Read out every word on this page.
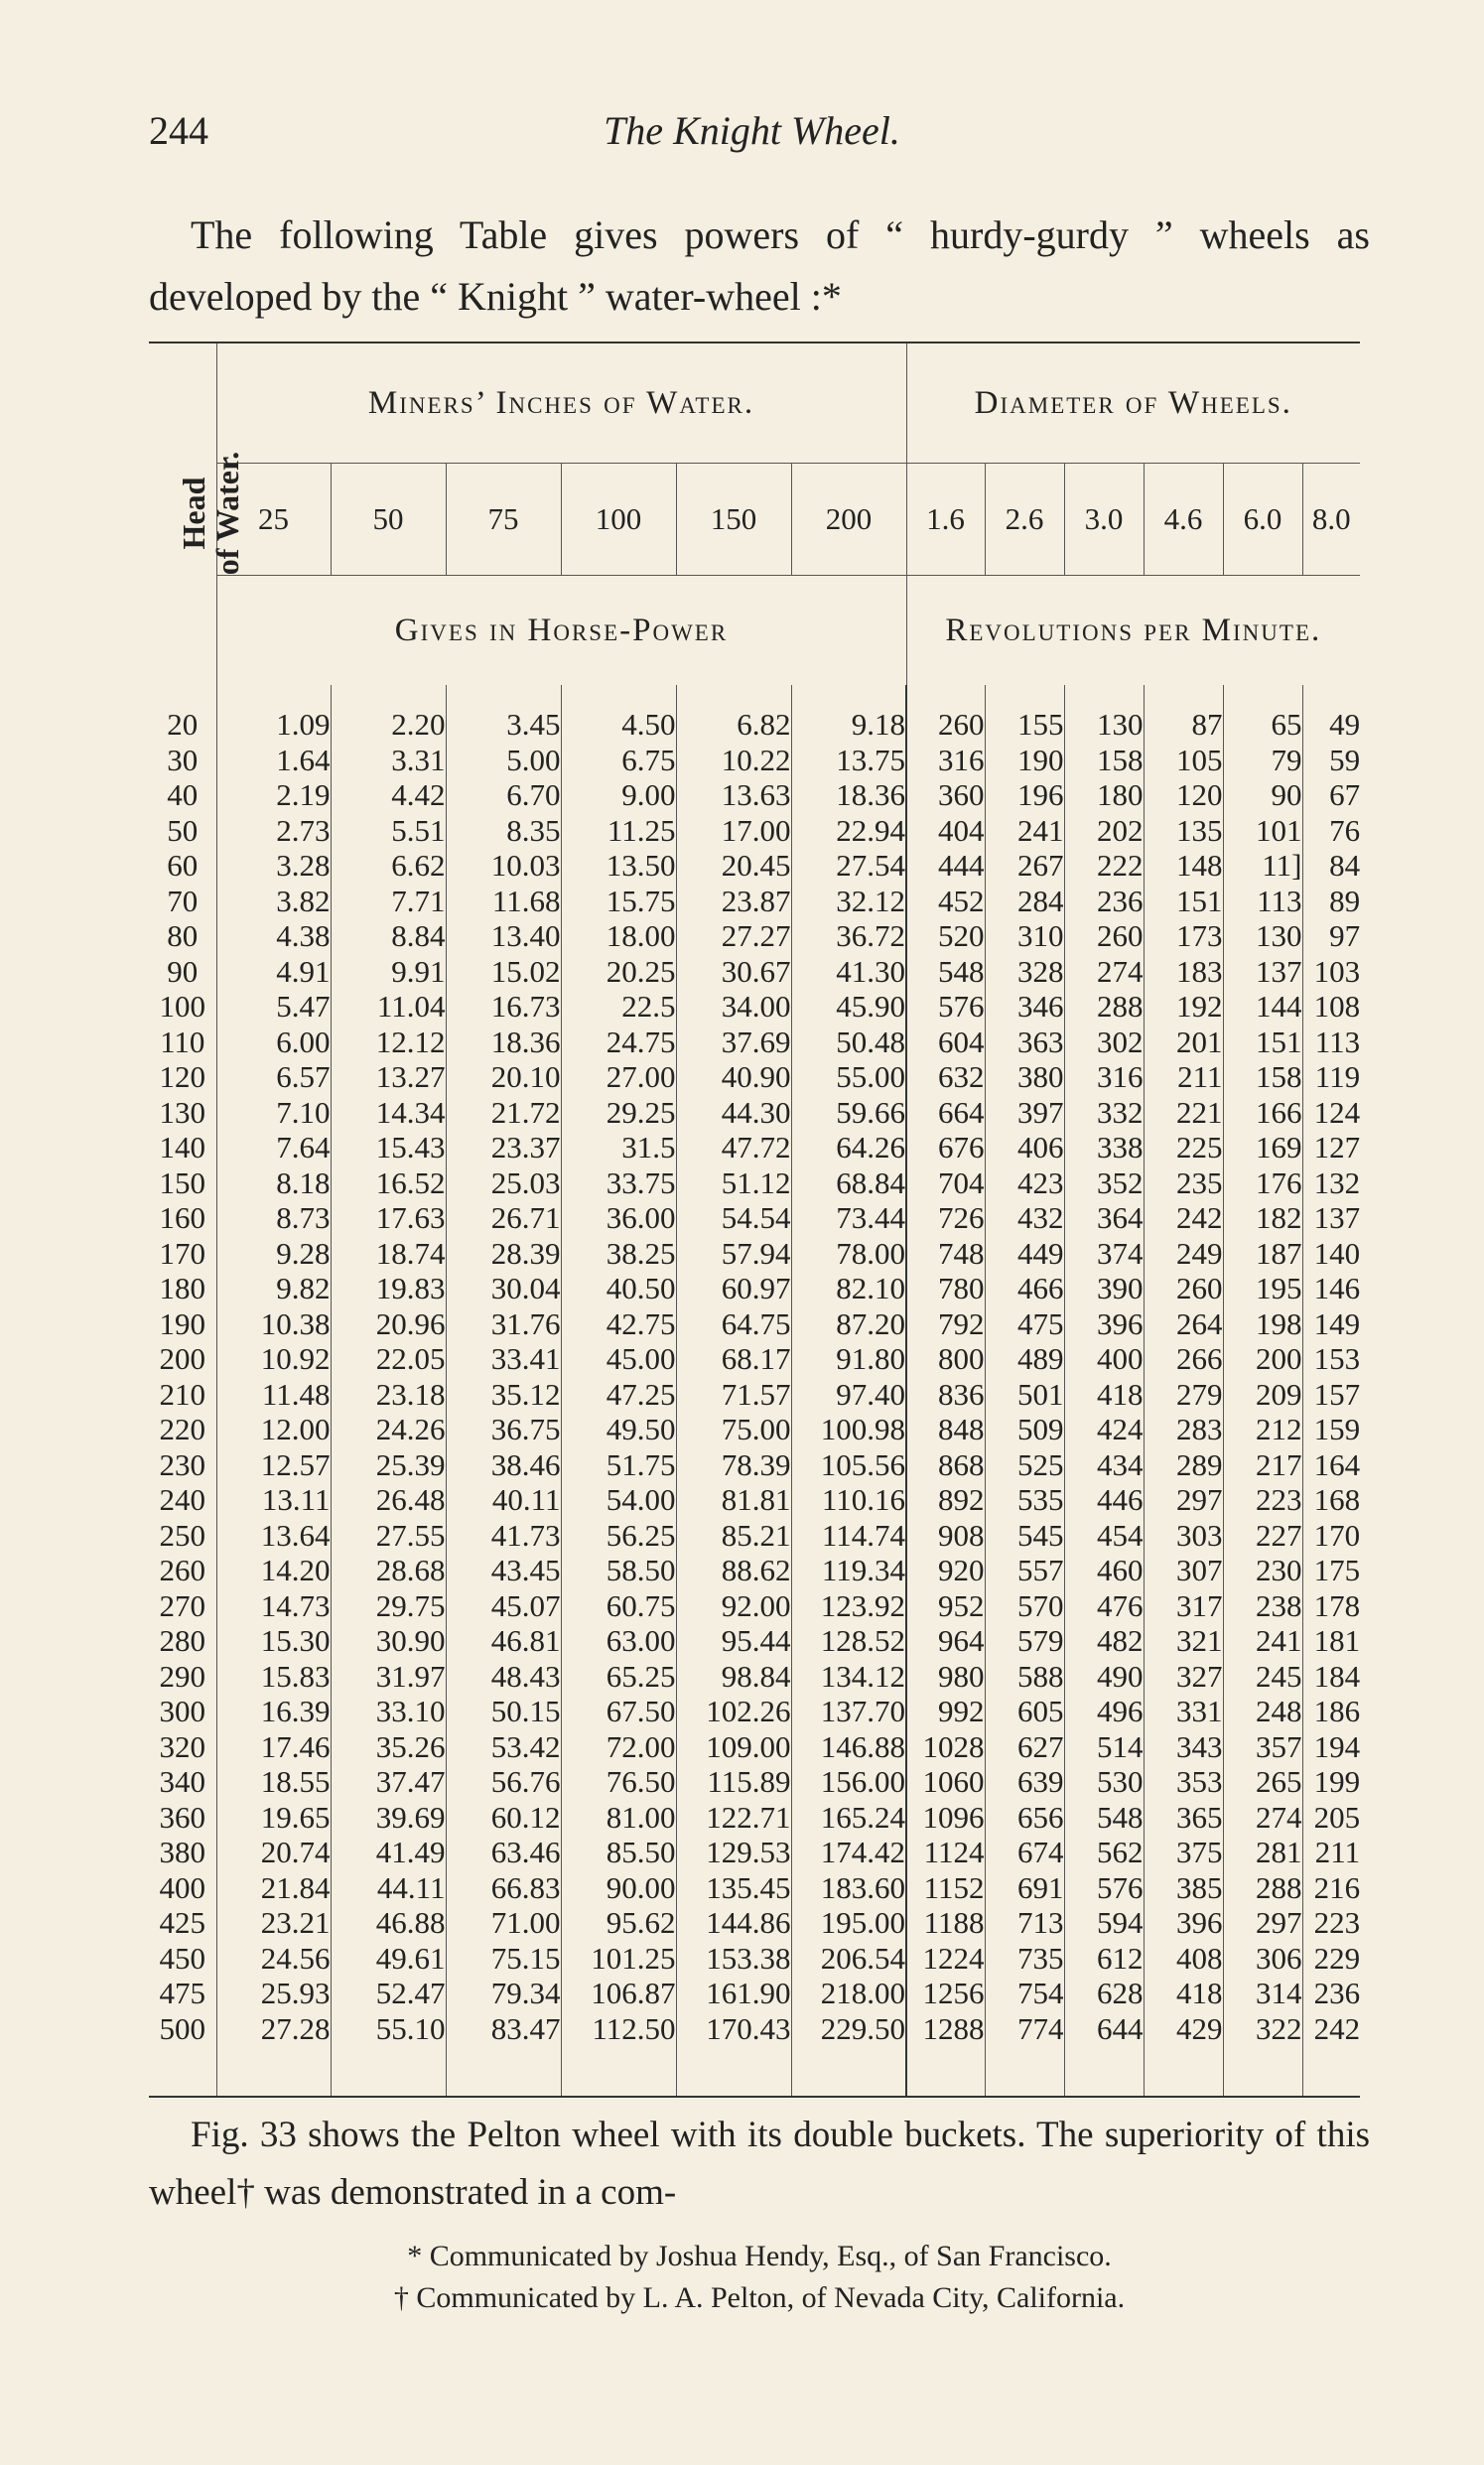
244	The Knight Wheel.

The following Table gives powers of “ hurdy-gurdy ” wheels as developed by the “ Knight ” water-wheel :*

Head
of Water.	Miners’ Inches of Water.						Diameter of Wheels.					
	25	50	75	100	150	200	1.6	2.6	3.0	4.6	6.0	8.0
	Gives in Horse-Power						Revolutions per Minute.					
20	1.09	2.20	3.45	4.50	6.82	9.18	260	155	130	87	65	49
30	1.64	3.31	5.00	6.75	10.22	13.75	316	190	158	105	79	59
40	2.19	4.42	6.70	9.00	13.63	18.36	360	196	180	120	90	67
50	2.73	5.51	8.35	11.25	17.00	22.94	404	241	202	135	101	76
60	3.28	6.62	10.03	13.50	20.45	27.54	444	267	222	148	11]	84
70	3.82	7.71	11.68	15.75	23.87	32.12	452	284	236	151	113	89
80	4.38	8.84	13.40	18.00	27.27	36.72	520	310	260	173	130	97
90	4.91	9.91	15.02	20.25	30.67	41.30	548	328	274	183	137	103
100	5.47	11.04	16.73	22.5	34.00	45.90	576	346	288	192	144	108
110	6.00	12.12	18.36	24.75	37.69	50.48	604	363	302	201	151	113
120	6.57	13.27	20.10	27.00	40.90	55.00	632	380	316	211	158	119
130	7.10	14.34	21.72	29.25	44.30	59.66	664	397	332	221	166	124
140	7.64	15.43	23.37	31.5	47.72	64.26	676	406	338	225	169	127
150	8.18	16.52	25.03	33.75	51.12	68.84	704	423	352	235	176	132
160	8.73	17.63	26.71	36.00	54.54	73.44	726	432	364	242	182	137
170	9.28	18.74	28.39	38.25	57.94	78.00	748	449	374	249	187	140
180	9.82	19.83	30.04	40.50	60.97	82.10	780	466	390	260	195	146
190	10.38	20.96	31.76	42.75	64.75	87.20	792	475	396	264	198	149
200	10.92	22.05	33.41	45.00	68.17	91.80	800	489	400	266	200	153
210	11.48	23.18	35.12	47.25	71.57	97.40	836	501	418	279	209	157
220	12.00	24.26	36.75	49.50	75.00	100.98	848	509	424	283	212	159
230	12.57	25.39	38.46	51.75	78.39	105.56	868	525	434	289	217	164
240	13.11	26.48	40.11	54.00	81.81	110.16	892	535	446	297	223	168
250	13.64	27.55	41.73	56.25	85.21	114.74	908	545	454	303	227	170
260	14.20	28.68	43.45	58.50	88.62	119.34	920	557	460	307	230	175
270	14.73	29.75	45.07	60.75	92.00	123.92	952	570	476	317	238	178
280	15.30	30.90	46.81	63.00	95.44	128.52	964	579	482	321	241	181
290	15.83	31.97	48.43	65.25	98.84	134.12	980	588	490	327	245	184
300	16.39	33.10	50.15	67.50	102.26	137.70	992	605	496	331	248	186
320	17.46	35.26	53.42	72.00	109.00	146.88	1028	627	514	343	357	194
340	18.55	37.47	56.76	76.50	115.89	156.00	1060	639	530	353	265	199
360	19.65	39.69	60.12	81.00	122.71	165.24	1096	656	548	365	274	205
380	20.74	41.49	63.46	85.50	129.53	174.42	1124	674	562	375	281	211
400	21.84	44.11	66.83	90.00	135.45	183.60	1152	691	576	385	288	216
425	23.21	46.88	71.00	95.62	144.86	195.00	1188	713	594	396	297	223
450	24.56	49.61	75.15	101.25	153.38	206.54	1224	735	612	408	306	229
475	25.93	52.47	79.34	106.87	161.90	218.00	1256	754	628	418	314	236
500	27.28	55.10	83.47	112.50	170.43	229.50	1288	774	644	429	322	242

Fig. 33 shows the Pelton wheel with its double buckets. The superiority of this wheel† was demonstrated in a com-

* Communicated by Joshua Hendy, Esq., of San Francisco.

† Communicated by L. A. Pelton, of Nevada City, California.
